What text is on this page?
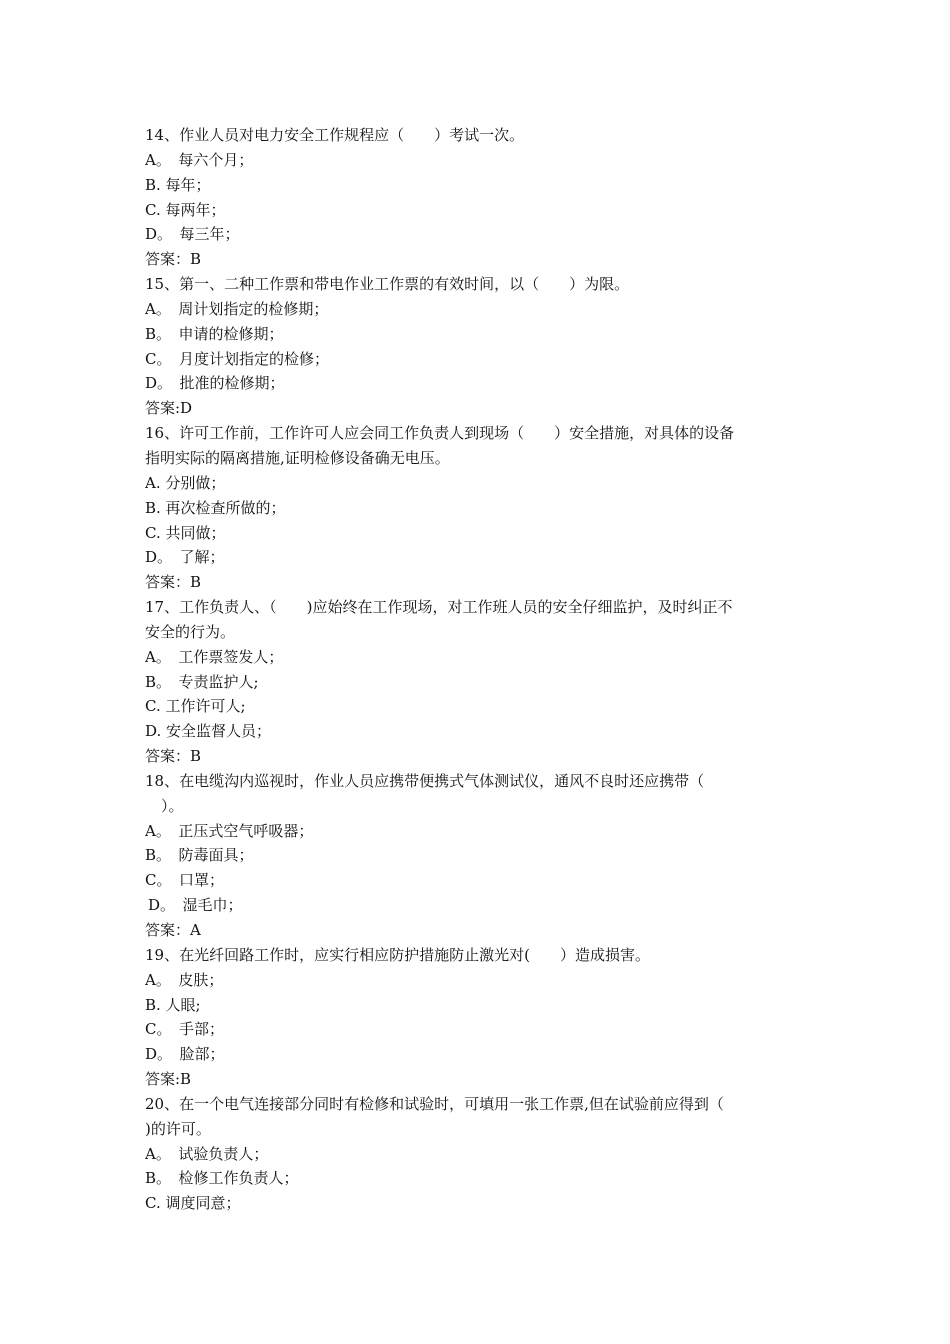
14、作业人员对电力安全工作规程应（　　）考试一次。
A。　每六个月；
B. 每年；
C. 每两年；
D。　每三年；
答案：B
15、第一、二种工作票和带电作业工作票的有效时间，以（　　）为限。
A。　周计划指定的检修期；
B。　申请的检修期；
C。　月度计划指定的检修；
D。　批准的检修期；
答案:D
16、许可工作前，工作许可人应会同工作负责人到现场（　　）安全措施，对具体的设备
指明实际的隔离措施,证明检修设备确无电压。
A. 分别做；
B. 再次检查所做的；
C. 共同做；
D。　了解；
答案：B
17、工作负责人、（　　)应始终在工作现场，对工作班人员的安全仔细监护，及时纠正不
安全的行为。
A。　工作票签发人；
B。　专责监护人;
C. 工作许可人;
D. 安全监督人员；
答案：B
18、在电缆沟内巡视时，作业人员应携带便携式气体测试仪，通风不良时还应携带（
）。
A。　正压式空气呼吸器；
B。　防毒面具；
C。　口罩；
D。　湿毛巾；
答案：A
19、在光纤回路工作时，应实行相应防护措施防止激光对(　　）造成损害。
A。　皮肤；
B. 人眼;
C。　手部；
D。　脸部；
答案:B
20、在一个电气连接部分同时有检修和试验时，可填用一张工作票,但在试验前应得到（
)的许可。
A。　试验负责人；
B。　检修工作负责人；
C. 调度同意；
